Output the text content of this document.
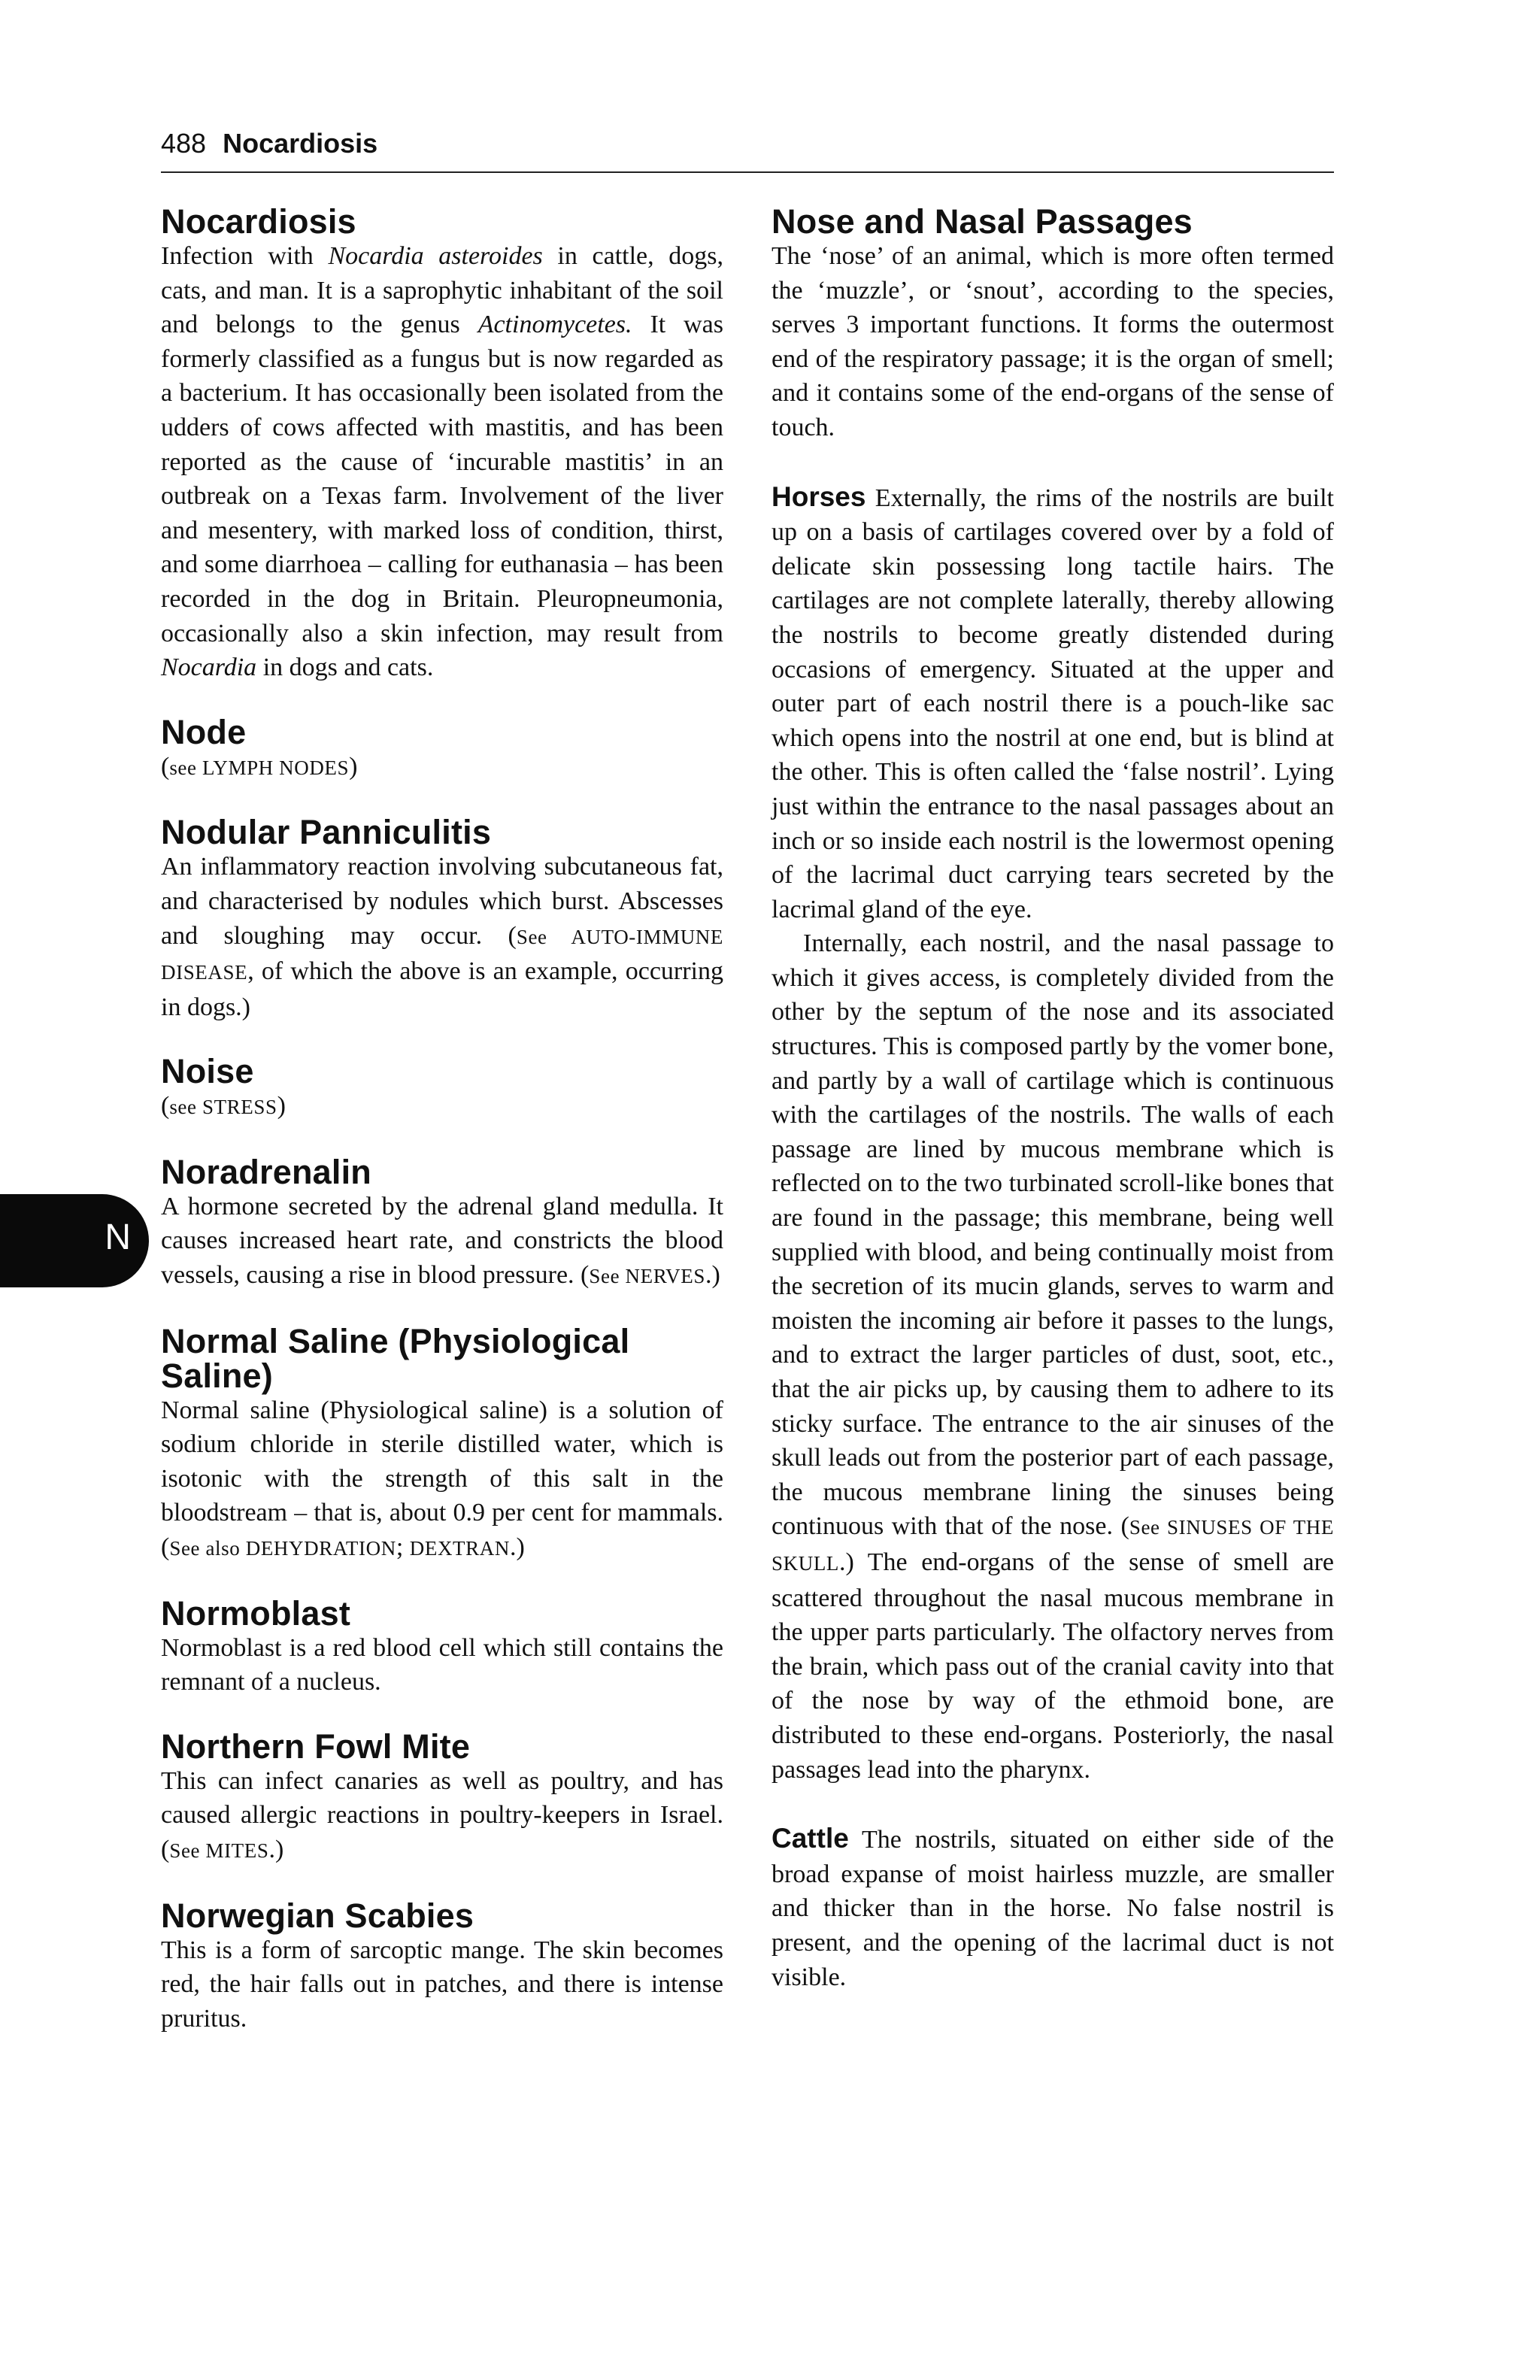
488 Nocardiosis
N
Nocardiosis

Infection with Nocardia asteroides in cattle, dogs, cats, and man. It is a saprophytic inhabitant of the soil and belongs to the genus Actinomycetes. It was formerly classified as a fungus but is now regarded as a bacterium. It has occasionally been isolated from the udders of cows affected with mastitis, and has been reported as the cause of ‘incurable mastitis’ in an outbreak on a Texas farm. Involvement of the liver and mesentery, with marked loss of condition, thirst, and some diarrhoea – calling for euthanasia – has been recorded in the dog in Britain. Pleuropneumonia, occasionally also a skin infection, may result from Nocardia in dogs and cats.

Node

(see LYMPH NODES)

Nodular Panniculitis

An inflammatory reaction involving subcutaneous fat, and characterised by nodules which burst. Abscesses and sloughing may occur. (See AUTO-IMMUNE DISEASE, of which the above is an example, occurring in dogs.)

Noise

(see STRESS)

Noradrenalin

A hormone secreted by the adrenal gland medulla. It causes increased heart rate, and constricts the blood vessels, causing a rise in blood pressure. (See NERVES.)

Normal Saline (Physiological Saline)

Normal saline (Physiological saline) is a solution of sodium chloride in sterile distilled water, which is isotonic with the strength of this salt in the bloodstream – that is, about 0.9 per cent for mammals. (See also DEHYDRATION; DEXTRAN.)

Normoblast

Normoblast is a red blood cell which still contains the remnant of a nucleus.

Northern Fowl Mite

This can infect canaries as well as poultry, and has caused allergic reactions in poultry-keepers in Israel. (See MITES.)

Norwegian Scabies

This is a form of sarcoptic mange. The skin becomes red, the hair falls out in patches, and there is intense pruritus.

Nose and Nasal Passages

The ‘nose’ of an animal, which is more often termed the ‘muzzle’, or ‘snout’, according to the species, serves 3 important functions. It forms the outermost end of the respiratory passage; it is the organ of smell; and it contains some of the end-organs of the sense of touch.

Horses Externally, the rims of the nostrils are built up on a basis of cartilages covered over by a fold of delicate skin possessing long tactile hairs. The cartilages are not complete laterally, thereby allowing the nostrils to become greatly distended during occasions of emergency. Situated at the upper and outer part of each nostril there is a pouch-like sac which opens into the nostril at one end, but is blind at the other. This is often called the ‘false nostril’. Lying just within the entrance to the nasal passages about an inch or so inside each nostril is the lowermost opening of the lacrimal duct carrying tears secreted by the lacrimal gland of the eye.

Internally, each nostril, and the nasal passage to which it gives access, is completely divided from the other by the septum of the nose and its associated structures. This is composed partly by the vomer bone, and partly by a wall of cartilage which is continuous with the cartilages of the nostrils. The walls of each passage are lined by mucous membrane which is reflected on to the two turbinated scroll-like bones that are found in the passage; this membrane, being well supplied with blood, and being continually moist from the secretion of its mucin glands, serves to warm and moisten the incoming air before it passes to the lungs, and to extract the larger particles of dust, soot, etc., that the air picks up, by causing them to adhere to its sticky surface. The entrance to the air sinuses of the skull leads out from the posterior part of each passage, the mucous membrane lining the sinuses being continuous with that of the nose. (See SINUSES OF THE SKULL.) The end-organs of the sense of smell are scattered throughout the nasal mucous membrane in the upper parts particularly. The olfactory nerves from the brain, which pass out of the cranial cavity into that of the nose by way of the ethmoid bone, are distributed to these end-organs. Posteriorly, the nasal passages lead into the pharynx.

Cattle The nostrils, situated on either side of the broad expanse of moist hairless muzzle, are smaller and thicker than in the horse. No false nostril is present, and the opening of the lacrimal duct is not visible.
